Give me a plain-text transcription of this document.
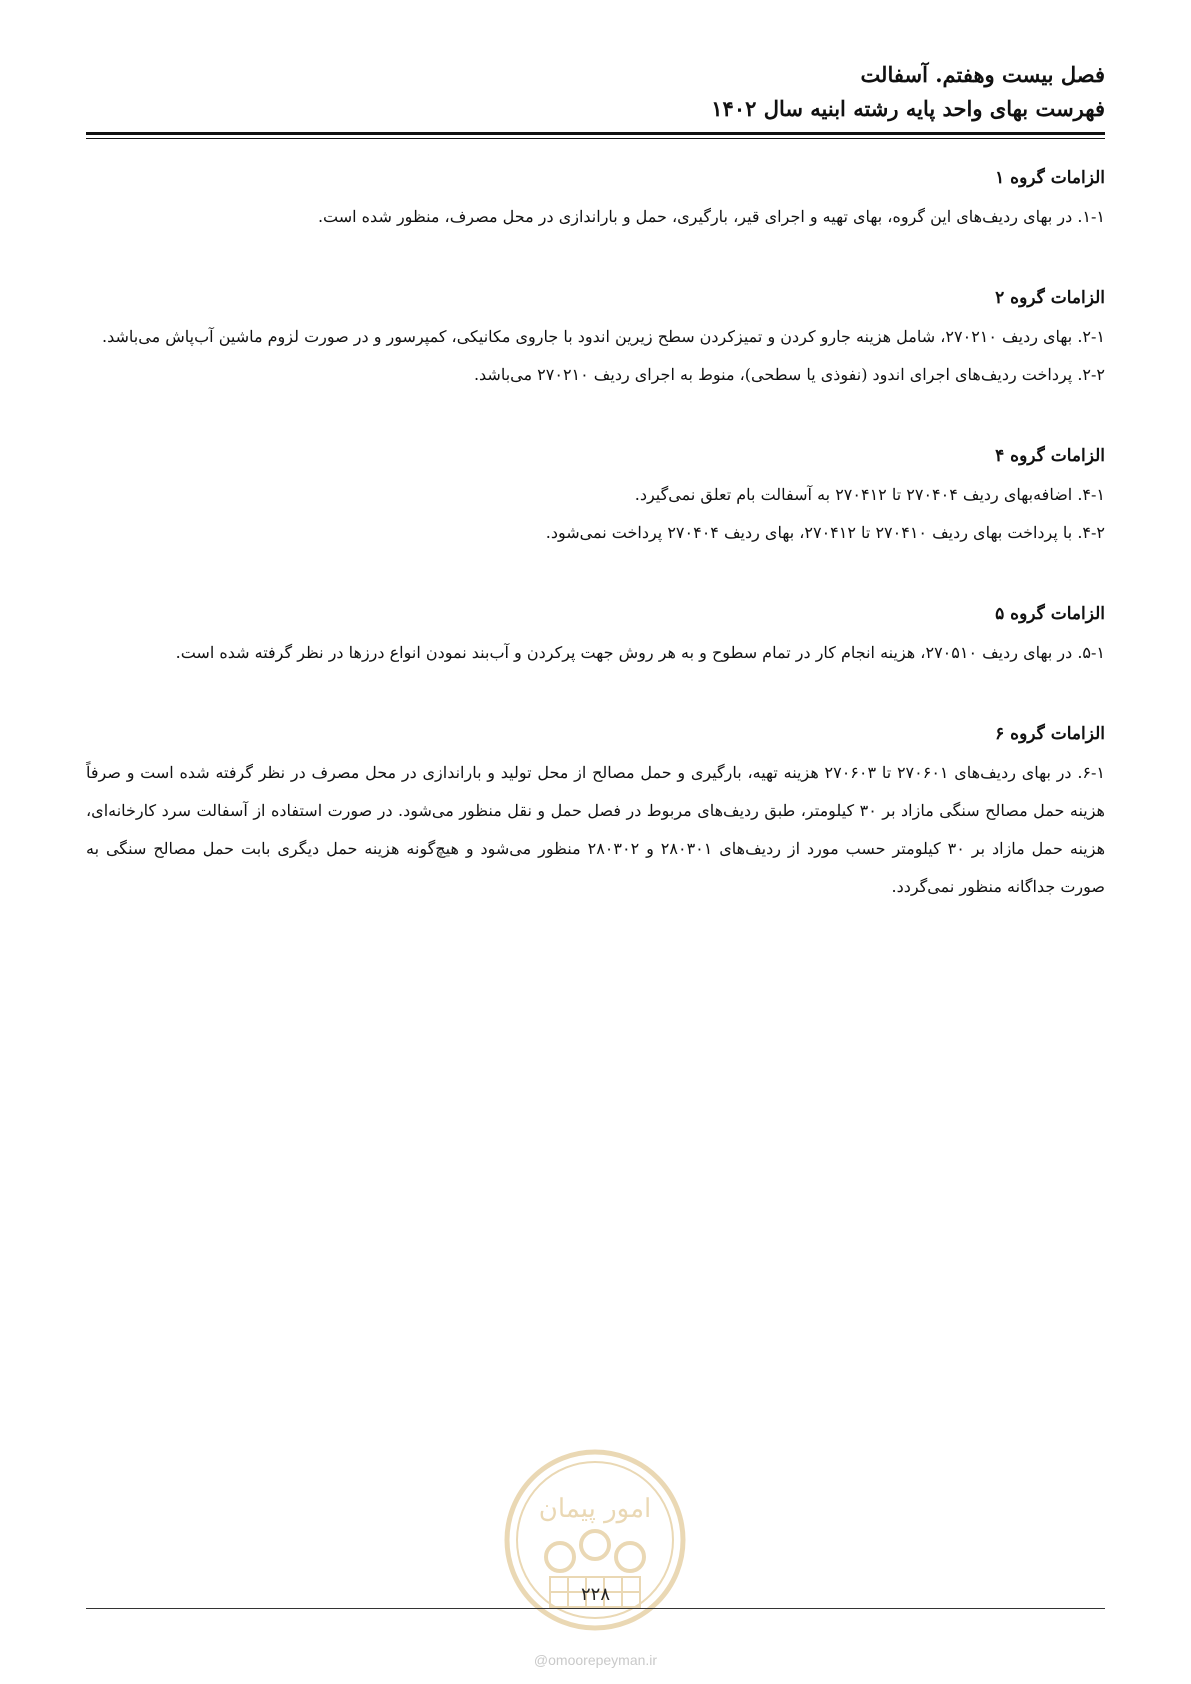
فصل بیست وهفتم. آسفالت
فهرست بهای واحد پایه رشته ابنیه سال ۱۴۰۲
الزامات گروه ۱
۱-۱. در بهای ردیف‌های این گروه، بهای تهیه و اجرای قیر، بارگیری، حمل و باراندازی در محل مصرف، منظور شده است.
الزامات گروه ۲
۲-۱. بهای ردیف ۲۷۰۲۱۰، شامل هزینه جارو کردن و تمیزکردن سطح زیرین اندود با جاروی مکانیکی، کمپرسور و در صورت لزوم ماشین آب‌پاش می‌باشد.
۲-۲. پرداخت ردیف‌های اجرای اندود (نفوذی یا سطحی)، منوط به اجرای ردیف ۲۷۰۲۱۰ می‌باشد.
الزامات گروه ۴
۴-۱. اضافه‌بهای ردیف ۲۷۰۴۰۴ تا ۲۷۰۴۱۲ به آسفالت بام تعلق نمی‌گیرد.
۴-۲. با پرداخت بهای ردیف ۲۷۰۴۱۰ تا ۲۷۰۴۱۲، بهای ردیف ۲۷۰۴۰۴ پرداخت نمی‌شود.
الزامات گروه ۵
۵-۱. در بهای ردیف ۲۷۰۵۱۰، هزینه انجام کار در تمام سطوح و به هر روش جهت پرکردن و آب‌بند نمودن انواع درزها در نظر گرفته شده است.
الزامات گروه ۶
۶-۱. در بهای ردیف‌های ۲۷۰۶۰۱ تا ۲۷۰۶۰۳ هزینه تهیه، بارگیری و حمل مصالح از محل تولید و باراندازی در محل مصرف در نظر گرفته شده است و صرفاً هزینه حمل مصالح سنگی مازاد بر ۳۰ کیلومتر، طبق ردیف‌های مربوط در فصل حمل و نقل منظور می‌شود. در صورت استفاده از آسفالت سرد کارخانه‌ای، هزینه حمل مازاد بر ۳۰ کیلومتر حسب مورد از ردیف‌های ۲۸۰۳۰۱ و ۲۸۰۳۰۲ منظور می‌شود و هیچ‌گونه هزینه حمل دیگری بابت حمل مصالح سنگی به صورت جداگانه منظور نمی‌گردد.
امور پیمان
۲۲۸
@omoorepeyman.ir
